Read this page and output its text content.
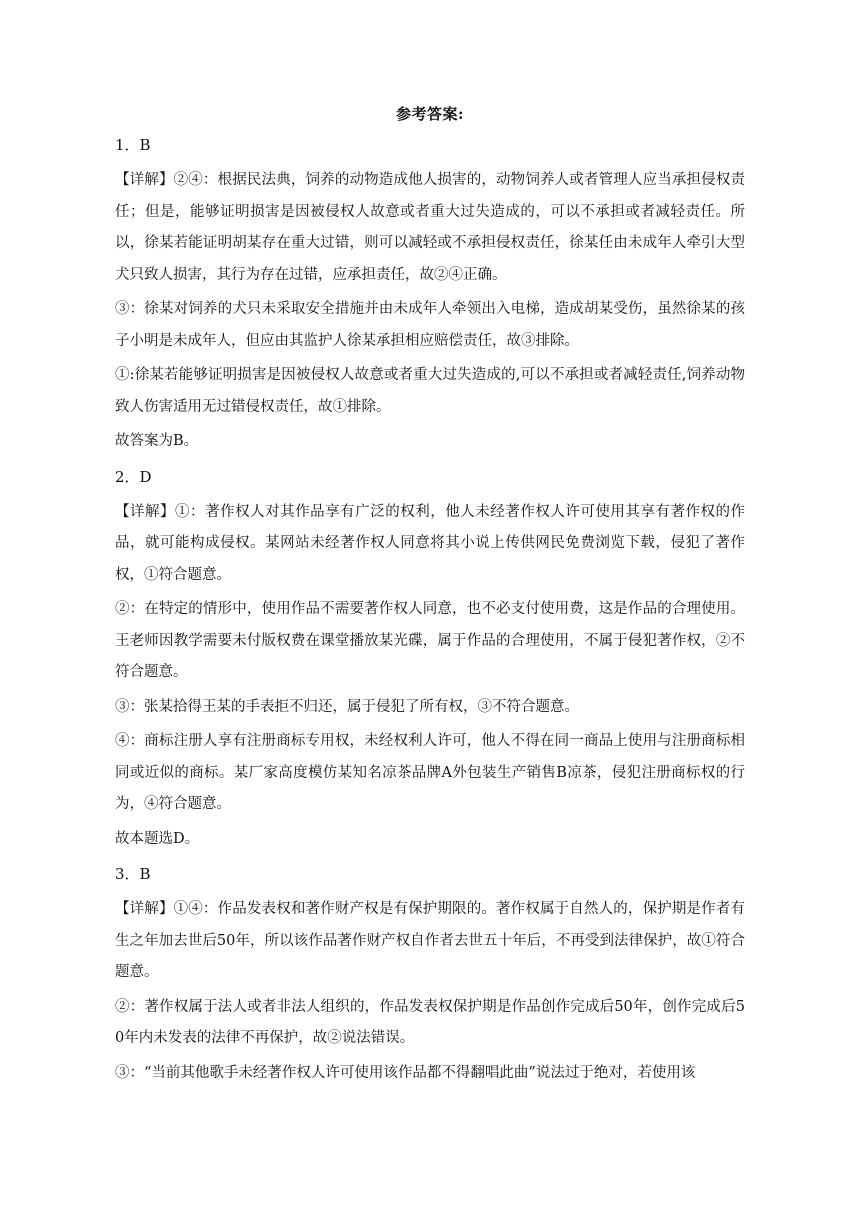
参考答案:
1．B

【详解】②④：根据民法典，饲养的动物造成他人损害的，动物饲养人或者管理人应当承担侵权责任；但是，能够证明损害是因被侵权人故意或者重大过失造成的，可以不承担或者减轻责任。所以，徐某若能证明胡某存在重大过错，则可以减轻或不承担侵权责任，徐某任由未成年人牵引大型犬只致人损害，其行为存在过错，应承担责任，故②④正确。

③：徐某对饲养的犬只未采取安全措施并由未成年人牵领出入电梯，造成胡某受伤，虽然徐某的孩子小明是未成年人，但应由其监护人徐某承担相应赔偿责任，故③排除。

①:徐某若能够证明损害是因被侵权人故意或者重大过失造成的,可以不承担或者减轻责任,饲养动物致人伤害适用无过错侵权责任，故①排除。

故答案为B。

2．D

【详解】①：著作权人对其作品享有广泛的权利，他人未经著作权人许可使用其享有著作权的作品，就可能构成侵权。某网站未经著作权人同意将其小说上传供网民免费浏览下载，侵犯了著作权，①符合题意。

②：在特定的情形中，使用作品不需要著作权人同意，也不必支付使用费，这是作品的合理使用。王老师因教学需要未付版权费在课堂播放某光碟，属于作品的合理使用，不属于侵犯著作权，②不符合题意。

③：张某拾得王某的手表拒不归还，属于侵犯了所有权，③不符合题意。

④：商标注册人享有注册商标专用权，未经权利人许可，他人不得在同一商品上使用与注册商标相同或近似的商标。某厂家高度模仿某知名凉茶品牌A外包装生产销售B凉茶，侵犯注册商标权的行为，④符合题意。

故本题选D。

3．B

【详解】①④：作品发表权和著作财产权是有保护期限的。著作权属于自然人的，保护期是作者有生之年加去世后50年，所以该作品著作财产权自作者去世五十年后，不再受到法律保护，故①符合题意。

②：著作权属于法人或者非法人组织的，作品发表权保护期是作品创作完成后50年，创作完成后50年内未发表的法律不再保护，故②说法错误。

③：“当前其他歌手未经著作权人许可使用该作品都不得翻唱此曲”说法过于绝对，若使用该
